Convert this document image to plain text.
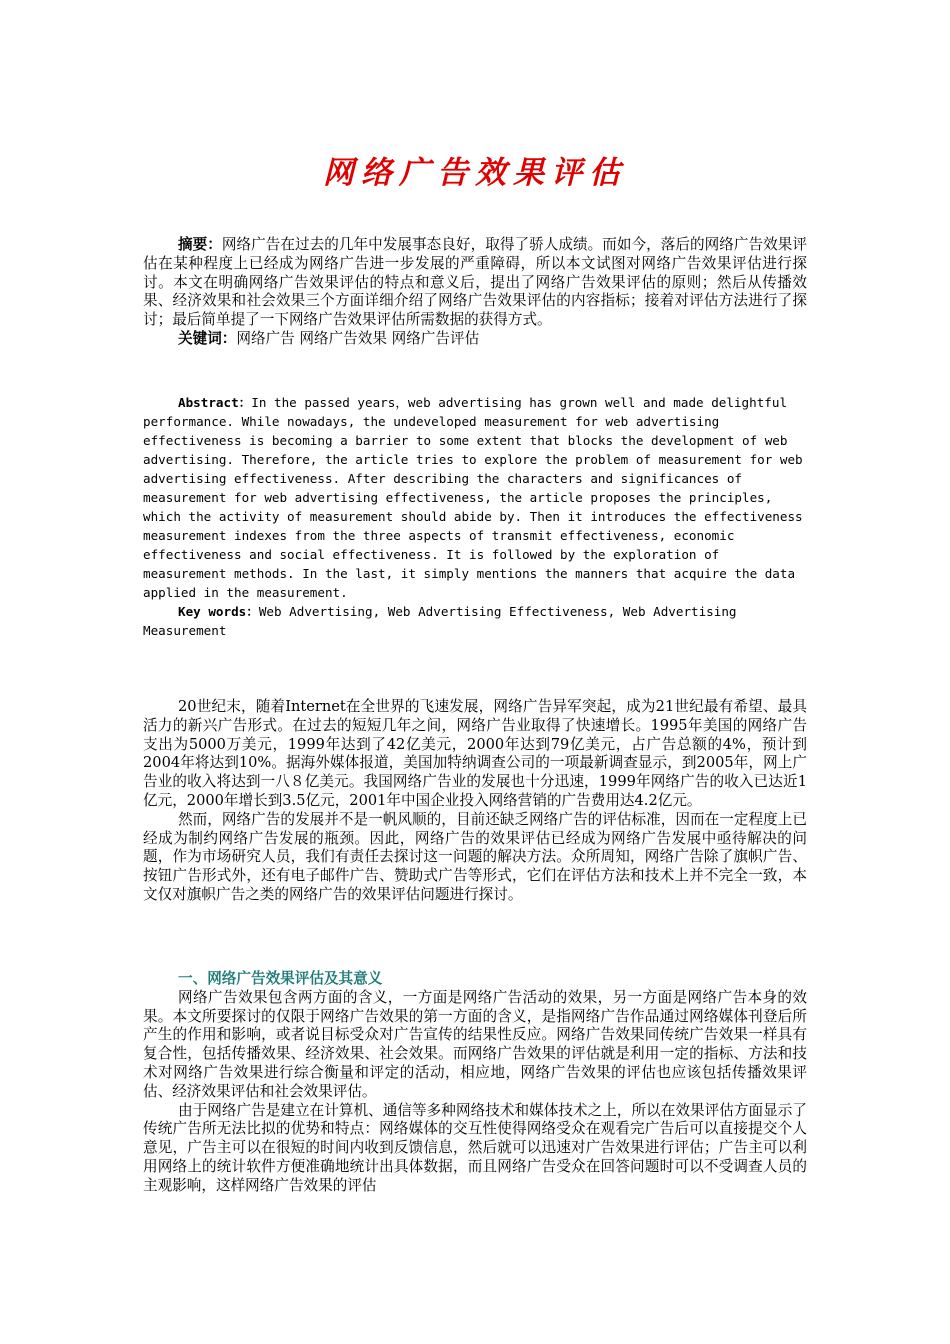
网络广告效果评估

摘要：网络广告在过去的几年中发展事态良好，取得了骄人成绩。而如今，落后的网络广告效果评估在某种程度上已经成为网络广告进一步发展的严重障碍，所以本文试图对网络广告效果评估进行探讨。本文在明确网络广告效果评估的特点和意义后，提出了网络广告效果评估的原则；然后从传播效果、经济效果和社会效果三个方面详细介绍了网络广告效果评估的内容指标；接着对评估方法进行了探讨；最后简单提了一下网络广告效果评估所需数据的获得方式。

关键词：网络广告 网络广告效果 网络广告评估

Abstract：In the passed years，web advertising has grown well and made delightful performance. While nowadays, the undeveloped measurement for web advertising effectiveness is becoming a barrier to some extent that blocks the development of web advertising. Therefore, the article tries to explore the problem of measurement for web advertising effectiveness. After describing the characters and significances of measurement for web advertising effectiveness, the article proposes the principles, which the activity of measurement should abide by. Then it introduces the effectiveness measurement indexes from the three aspects of transmit effectiveness, economic effectiveness and social effectiveness. It is followed by the exploration of measurement methods. In the last, it simply mentions the manners that acquire the data applied in the measurement.

Key words：Web Advertising, Web Advertising Effectiveness, Web Advertising Measurement

20世纪末，随着Internet在全世界的飞速发展，网络广告异军突起，成为21世纪最有希望、最具活力的新兴广告形式。在过去的短短几年之间，网络广告业取得了快速增长。1995年美国的网络广告支出为5000万美元，1999年达到了42亿美元，2000年达到79亿美元，占广告总额的4%，预计到2004年将达到10%。据海外媒体报道，美国加特纳调查公司的一项最新调查显示，到2005年，网上广告业的收入将达到一八８亿美元。我国网络广告业的发展也十分迅速，1999年网络广告的收入已达近1亿元，2000年增长到3.5亿元，2001年中国企业投入网络营销的广告费用达4.2亿元。

然而，网络广告的发展并不是一帆风顺的，目前还缺乏网络广告的评估标准，因而在一定程度上已经成为制约网络广告发展的瓶颈。因此，网络广告的效果评估已经成为网络广告发展中亟待解决的问题，作为市场研究人员，我们有责任去探讨这一问题的解决方法。众所周知，网络广告除了旗帜广告、按钮广告形式外，还有电子邮件广告、赞助式广告等形式，它们在评估方法和技术上并不完全一致，本文仅对旗帜广告之类的网络广告的效果评估问题进行探讨。

一、网络广告效果评估及其意义

网络广告效果包含两方面的含义，一方面是网络广告活动的效果，另一方面是网络广告本身的效果。本文所要探讨的仅限于网络广告效果的第一方面的含义，是指网络广告作品通过网络媒体刊登后所产生的作用和影响，或者说目标受众对广告宣传的结果性反应。网络广告效果同传统广告效果一样具有复合性，包括传播效果、经济效果、社会效果。而网络广告效果的评估就是利用一定的指标、方法和技术对网络广告效果进行综合衡量和评定的活动，相应地，网络广告效果的评估也应该包括传播效果评估、经济效果评估和社会效果评估。

由于网络广告是建立在计算机、通信等多种网络技术和媒体技术之上，所以在效果评估方面显示了传统广告所无法比拟的优势和特点：网络媒体的交互性使得网络受众在观看完广告后可以直接提交个人意见，广告主可以在很短的时间内收到反馈信息，然后就可以迅速对广告效果进行评估；广告主可以利用网络上的统计软件方便准确地统计出具体数据，而且网络广告受众在回答问题时可以不受调查人员的主观影响，这样网络广告效果的评估
